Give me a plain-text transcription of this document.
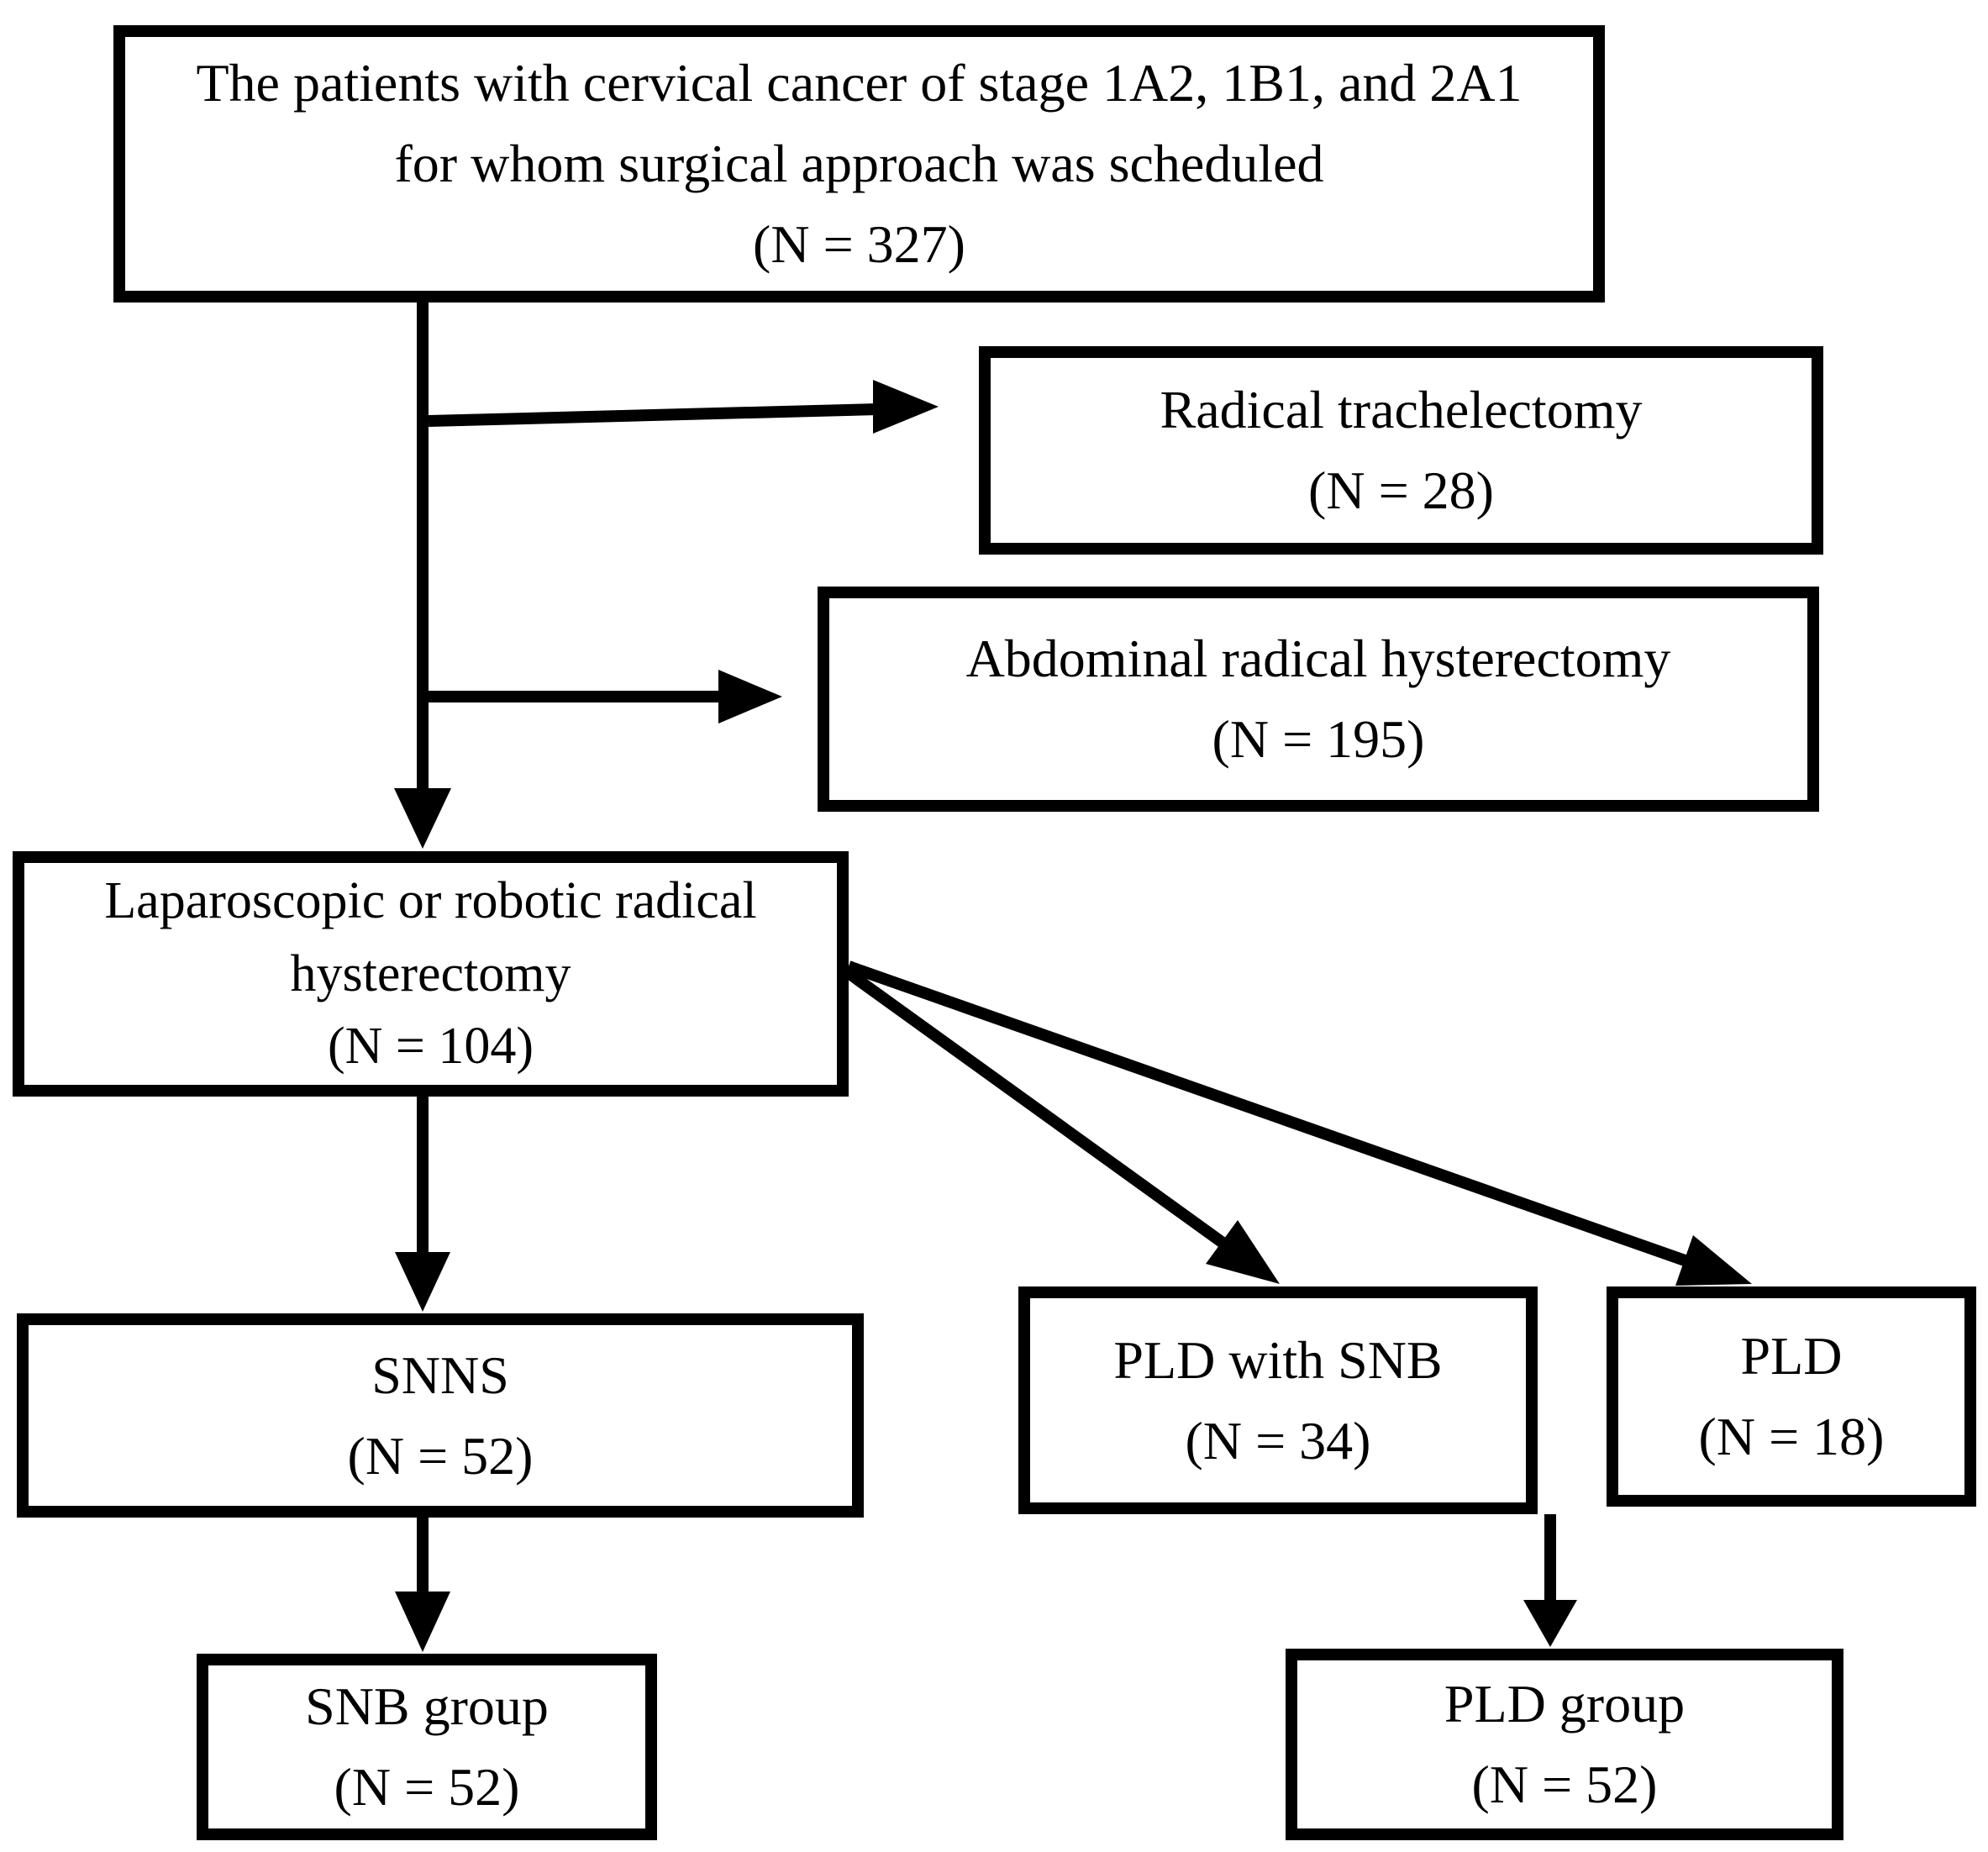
The patients with cervical cancer of stage 1A2, 1B1, and 2A1 for whom surgical approach was scheduled
(N = 327)
Radical trachelectomy
(N = 28)
Abdominal radical hysterectomy
(N = 195)
Laparoscopic or robotic radical hysterectomy
(N = 104)
SNNS
(N = 52)
PLD with SNB
(N = 34)
PLD
(N = 18)
SNB group
(N = 52)
PLD group
(N = 52)
